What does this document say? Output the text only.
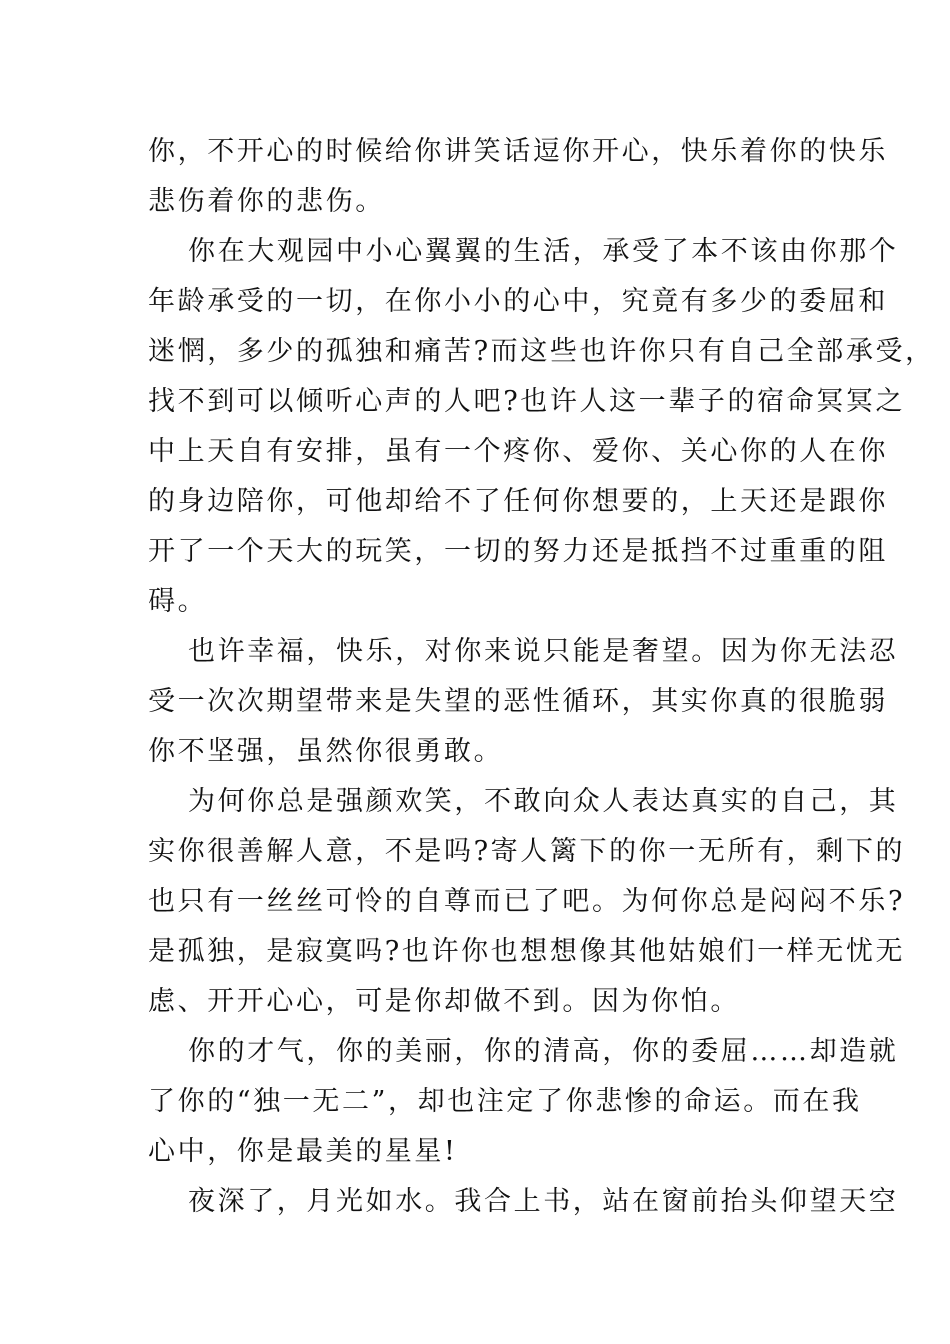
你，不开心的时候给你讲笑话逗你开心，快乐着你的快乐
悲伤着你的悲伤。
你在大观园中小心翼翼的生活，承受了本不该由你那个
年龄承受的一切，在你小小的心中，究竟有多少的委屈和
迷惘，多少的孤独和痛苦?而这些也许你只有自己全部承受，
找不到可以倾听心声的人吧?也许人这一辈子的宿命冥冥之
中上天自有安排，虽有一个疼你、爱你、关心你的人在你
的身边陪你，可他却给不了任何你想要的，上天还是跟你
开了一个天大的玩笑，一切的努力还是抵挡不过重重的阻
碍。
也许幸福，快乐，对你来说只能是奢望。因为你无法忍
受一次次期望带来是失望的恶性循环，其实你真的很脆弱
你不坚强，虽然你很勇敢。
为何你总是强颜欢笑，不敢向众人表达真实的自己，其
实你很善解人意，不是吗?寄人篱下的你一无所有，剩下的
也只有一丝丝可怜的自尊而已了吧。为何你总是闷闷不乐?
是孤独，是寂寞吗?也许你也想想像其他姑娘们一样无忧无
虑、开开心心，可是你却做不到。因为你怕。
你的才气，你的美丽，你的清高，你的委屈……却造就
了你的“独一无二”，却也注定了你悲惨的命运。而在我
心中，你是最美的星星!
夜深了，月光如水。我合上书，站在窗前抬头仰望天空
